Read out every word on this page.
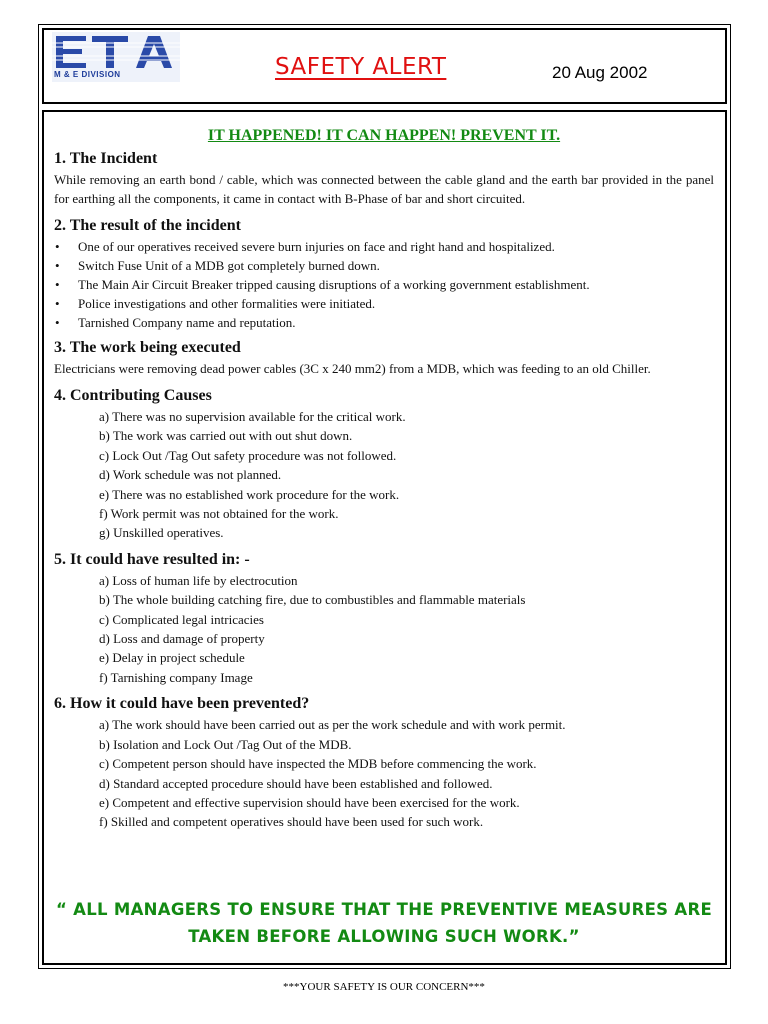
M & E DIVISION	SAFETY ALERT	20 Aug 2002
IT HAPPENED! IT CAN HAPPEN! PREVENT IT.
1. The Incident

While removing an earth bond / cable, which was connected between the cable gland and the earth bar provided in the panel for earthing all the components, it came in contact with B-Phase of bar and short circuited.

2. The result of the incident
• One of our operatives received severe burn injuries on face and right hand and hospitalized.
• Switch Fuse Unit of a MDB got completely burned down.
• The Main Air Circuit Breaker tripped causing disruptions of a working government establishment.
• Police investigations and other formalities were initiated.
• Tarnished Company name and reputation.
3. The work being executed

Electricians were removing dead power cables (3C x 240 mm2) from a MDB, which was feeding to an old Chiller.

4. Contributing Causes
a) There was no supervision available for the critical work.
b) The work was carried out with out shut down.
c) Lock Out /Tag Out safety procedure was not followed.
d) Work schedule was not planned.
e) There was no established work procedure for the work.
f) Work permit was not obtained for the work.
g) Unskilled operatives.
5. It could have resulted in: -
a) Loss of human life by electrocution
b) The whole building catching fire, due to combustibles and flammable materials
c) Complicated legal intricacies
d) Loss and damage of property
e) Delay in project schedule
f) Tarnishing company Image
6. How it could have been prevented?
a) The work should have been carried out as per the work schedule and with work permit.
b) Isolation and Lock Out /Tag Out of the MDB.
c) Competent person should have inspected the MDB before commencing the work.
d) Standard accepted procedure should have been established and followed.
e) Competent and effective supervision should have been exercised for the work.
f) Skilled and competent operatives should have been used for such work.
“ ALL MANAGERS TO ENSURE THAT THE PREVENTIVE MEASURES ARE TAKEN BEFORE ALLOWING SUCH WORK.”
***YOUR SAFETY IS OUR CONCERN***
